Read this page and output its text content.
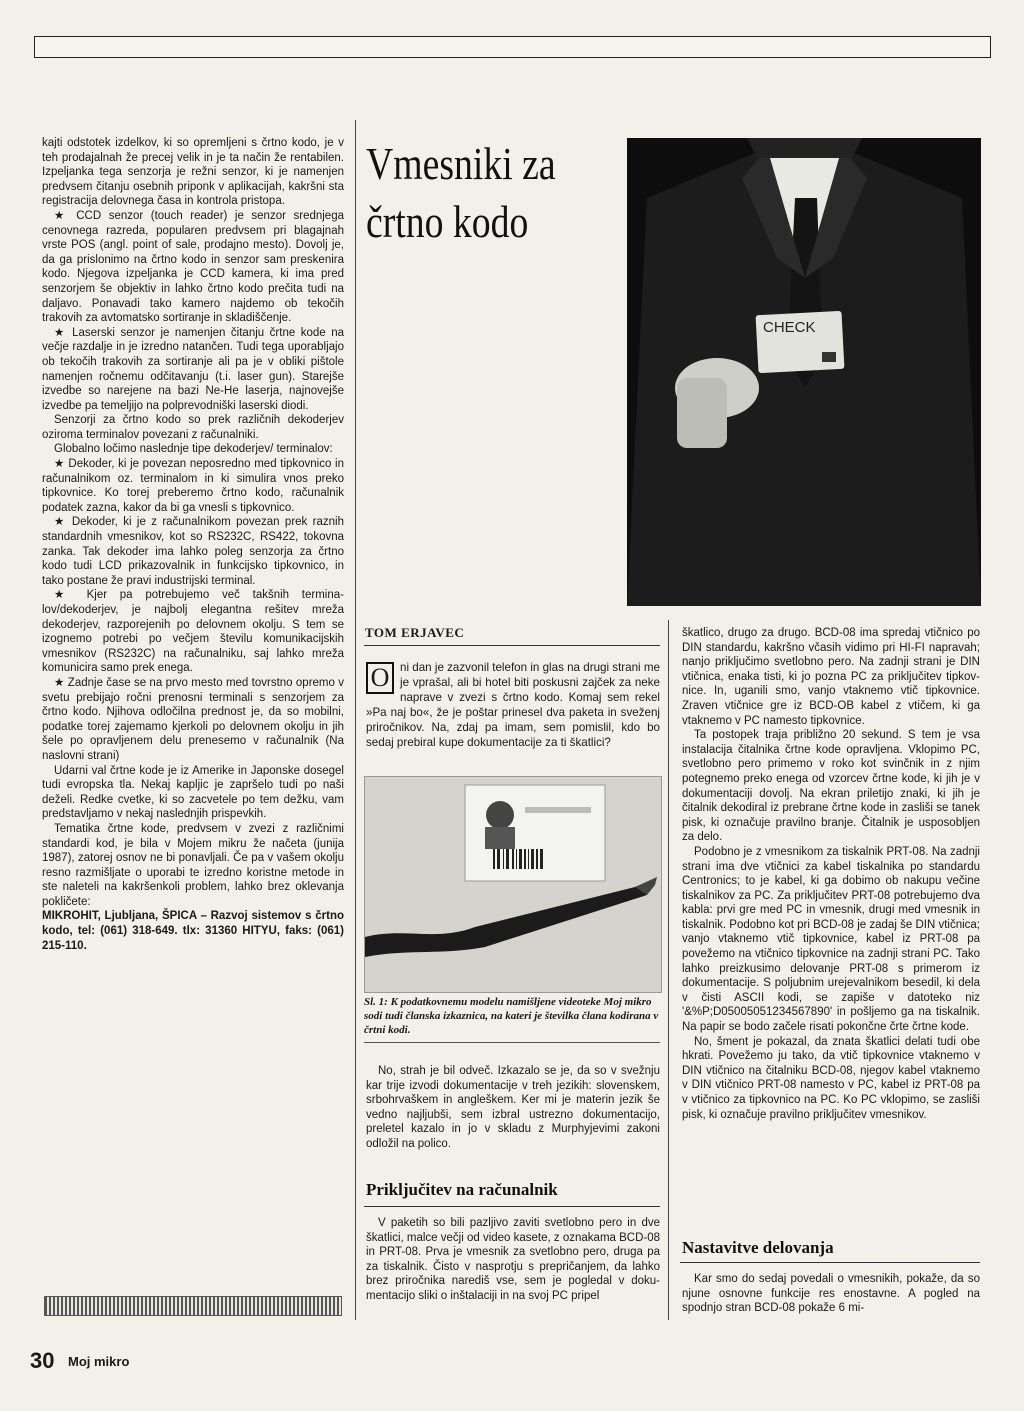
kajti odstotek izdelkov, ki so opremljeni s črtno kodo, je v teh prodajalnah že precej velik in je ta način že rentabilen. Izpeljanka tega senzorja je režni senzor, ki je namenjen predvsem čitanju osebnih priponk v aplikacijah, kakršni sta registracija delovnega časa in kontrola pristopa.

★ CCD senzor (touch reader) je senzor srednjega cenovnega razreda, popularen predvsem pri blagajnah vrste POS (angl. point of sale, prodajno mesto). Dovolj je, da ga prislonimo na črtno kodo in senzor sam preskenira kodo. Njegova izpeljanka je CCD kamera, ki ima pred senzorjem še objektiv in lahko črtno kodo prečita tudi na daljavo. Ponavadi tako kamero najdemo ob tekočih trakovih za avtomatsko sortiranje in skladiščenje.

★ Laserski senzor je namenjen čitanju črtne kode na večje razdalje in je izredno natančen. Tudi tega uporabljajo ob tekočih trakovih za sortiranje ali pa je v obliki pištole namenjen ročnemu odčitavanju (t.i. laser gun). Starejše izvedbe so narejene na bazi Ne-He laserja, najnovejše izvedbe pa temeljijo na polprevodniški laserski diodi.

Senzorji za črtno kodo so prek različnih dekoderjev oziroma terminalov povezani z računalniki.

Globalno ločimo naslednje tipe dekoderjev/ terminalov:

★ Dekoder, ki je povezan neposredno med tipkovnico in računalnikom oz. terminalom in ki simulira vnos preko tipkovnice. Ko torej preberemo črtno kodo, računalnik podatek zazna, kakor da bi ga vnesli s tipkovnico.

★ Dekoder, ki je z računalnikom povezan prek raznih standardnih vmesnikov, kot so RS232C, RS422, tokovna zanka. Tak dekoder ima lahko poleg senzorja za črtno kodo tudi LCD prikazovalnik in funkcijsko tipkovnico, in tako postane že pravi industrijski terminal.

★ Kjer pa potrebujemo več takšnih terminalov/dekoderjev, je najbolj elegantna rešitev mreža dekoderjev, razporejenih po delovnem okolju. S tem se izognemo potrebi po večjem številu komunikacijskih vmesnikov (RS232C) na računalniku, saj lahko mreža komunicira samo prek enega.

★ Zadnje čase se na prvo mesto med tovrstno opremo v svetu prebijajo ročni prenosni terminali s senzorjem za črtno kodo. Njihova odločilna prednost je, da so mobilni, podatke torej zajemamo kjerkoli po delovnem okolju in jih šele po opravljenem delu prenesemo v računalnik (Na naslovni strani)

Udarni val črtne kode je iz Amerike in Japonske dosegel tudi evropska tla. Nekaj kapljic je zapršelo tudi po naši deželi. Redke cvetke, ki so zacvetele po tem dežku, vam predstavljamo v nekaj naslednjih prispevkih.

Tematika črtne kode, predvsem v zvezi z različnimi standardi kod, je bila v Mojem mikru že načeta (junija 1987), zatorej osnov ne bi ponavljali. Če pa v vašem okolju resno razmišljate o uporabi te izredno koristne metode in ste naleteli na kakršenkoli problem, lahko brez oklevanja pokličete:

MIKROHIT, Ljubljana, ŠPICA – Razvoj sistemov s črtno kodo, tel: (061) 318-649. tlx: 31360 HITYU, faks: (061) 215-110.

Vmesniki za
črtno kodo
CHECK
TOM ERJAVEC
O ni dan je zazvonil telefon in glas na drugi strani me je vprašal, ali bi hotel biti poskusni zajček za neke naprave v zvezi s črtno kodo. Komaj sem rekel »Pa naj bo«, že je poštar prinesel dva paketa in sveženj priročnikov. Na, zdaj pa imam, sem pomislil, kdo bo sedaj prebiral kupe dokumentacije za ti škatlici?
Sl. 1: K podatkovnemu modelu namišljene videoteke Moj mikro sodi tudi članska izkaznica, na kateri je številka člana kodirana v črtni kodi.

No, strah je bil odveč. Izkazalo se je, da so v svežnju kar trije izvodi dokumentacije v treh jezikih: slovenskem, srbohrvaškem in angleškem. Ker mi je materin jezik še vedno najljubši, sem izbral ustrezno dokumentacijo, preletel kazalo in jo v skladu z Murphyjevimi zakoni odložil na polico.

Priključitev na računalnik

V paketih so bili pazljivo zaviti svetlobno pero in dve škatlici, malce večji od video kasete, z oznakama BCD-08 in PRT-08. Prva je vmesnik za svetlobno pero, druga pa za tiskalnik. Čisto v nasprotju s prepričanjem, da lahko brez priročnika narediš vse, sem je pogledal v dokumentacijo sliki o inštalaciji in na svoj PC pripel

škatlico, drugo za drugo. BCD-08 ima spredaj vtičnico po DIN standardu, kakršno včasih vidimo pri HI-FI napravah; nanjo priključimo svetlobno pero. Na zadnji strani je DIN vtičnica, enaka tisti, ki jo pozna PC za priključitev tipkovnice. In, uganili smo, vanjo vtaknemo vtič tipkovnice. Zraven vtičnice gre iz BCD-OB kabel z vtičem, ki ga vtaknemo v PC namesto tipkovnice.

Ta postopek traja približno 20 sekund. S tem je vsa instalacija čitalnika črtne kode opravljena. Vklopimo PC, svetlobno pero primemo v roko kot svinčnik in z njim potegnemo preko enega od vzorcev črtne kode, ki jih je v dokumentaciji dovolj. Na ekran priletijo znaki, ki jih je čitalnik dekodiral iz prebrane črtne kode in zasliši se tanek pisk, ki označuje pravilno branje. Čitalnik je usposobljen za delo.

Podobno je z vmesnikom za tiskalnik PRT-08. Na zadnji strani ima dve vtičnici za kabel tiskalnika po standardu Centronics; to je kabel, ki ga dobimo ob nakupu večine tiskalnikov za PC. Za priključitev PRT-08 potrebujemo dva kabla: prvi gre med PC in vmesnik, drugi med vmesnik in tiskalnik. Podobno kot pri BCD-08 je zadaj še DIN vtičnica; vanjo vtaknemo vtič tipkovnice, kabel iz PRT-08 pa povežemo na vtičnico tipkovnice na zadnji strani PC. Tako lahko preizkusimo delovanje PRT-08 s primerom iz dokumentacije. S poljubnim urejevalnikom besedil, ki dela v čisti ASCII kodi, se zapiše v datoteko niz '&%P;D05005051234567890' in pošljemo ga na tiskalnik. Na papir se bodo začele risati pokončne črte črtne kode.

No, šment je pokazal, da znata škatlici delati tudi obe hkrati. Povežemo ju tako, da vtič tipkovnice vtaknemo v DIN vtičnico na čitalniku BCD-08, njegov kabel vtaknemo v DIN vtičnico PRT-08 namesto v PC, kabel iz PRT-08 pa v vtičnico za tipkovnico na PC. Ko PC vklopimo, se zasliši pisk, ki označuje pravilno priključitev vmesnikov.

Nastavitve delovanja

Kar smo do sedaj povedali o vmesnikih, pokaže, da so njune osnovne funkcije res enostavne. A pogled na spodnjo stran BCD-08 pokaže 6 mi-

30 Moj mikro
